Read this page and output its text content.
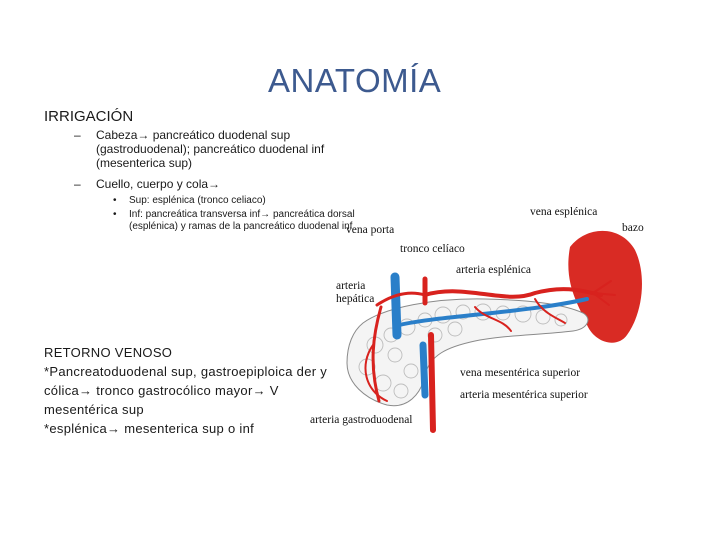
ANATOMÍA
IRRIGACIÓN
– Cabeza→ pancreático duodenal sup (gastroduodenal); pancreático duodenal inf (mesenterica sup)
– Cuello, cuerpo y cola→
• Sup: esplénica (tronco celiaco)
• Inf: pancreática transversa inf→ pancreática dorsal (esplénica) y ramas de la pancreático duodenal inf
RETORNO VENOSO
*Pancreatoduodenal sup, gastroepiploica der y cólica→ tronco gastrocólico mayor→ V mesentérica sup
*esplénica→ mesenterica sup o inf
vena esplénica
bazo
vena porta
tronco celíaco
arteria esplénica
arteria hepática
vena mesentérica superior
arteria mesentérica superior
arteria gastroduodenal
